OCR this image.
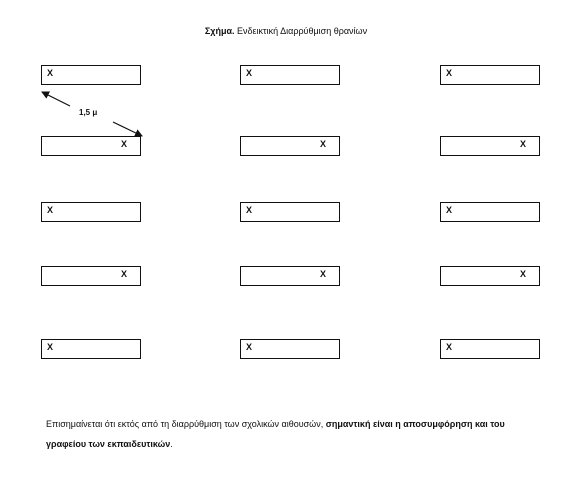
Σχήμα. Ενδεικτική Διαρρύθμιση θρανίων
X	X	X
X	X	X
X	X	X
X	X	X
X	X	X
1,5 μ
Επισημαίνεται ότι εκτός από τη διαρρύθμιση των σχολικών αιθουσών, σημαντική είναι η αποσυμφόρηση και του γραφείου των εκπαιδευτικών.
